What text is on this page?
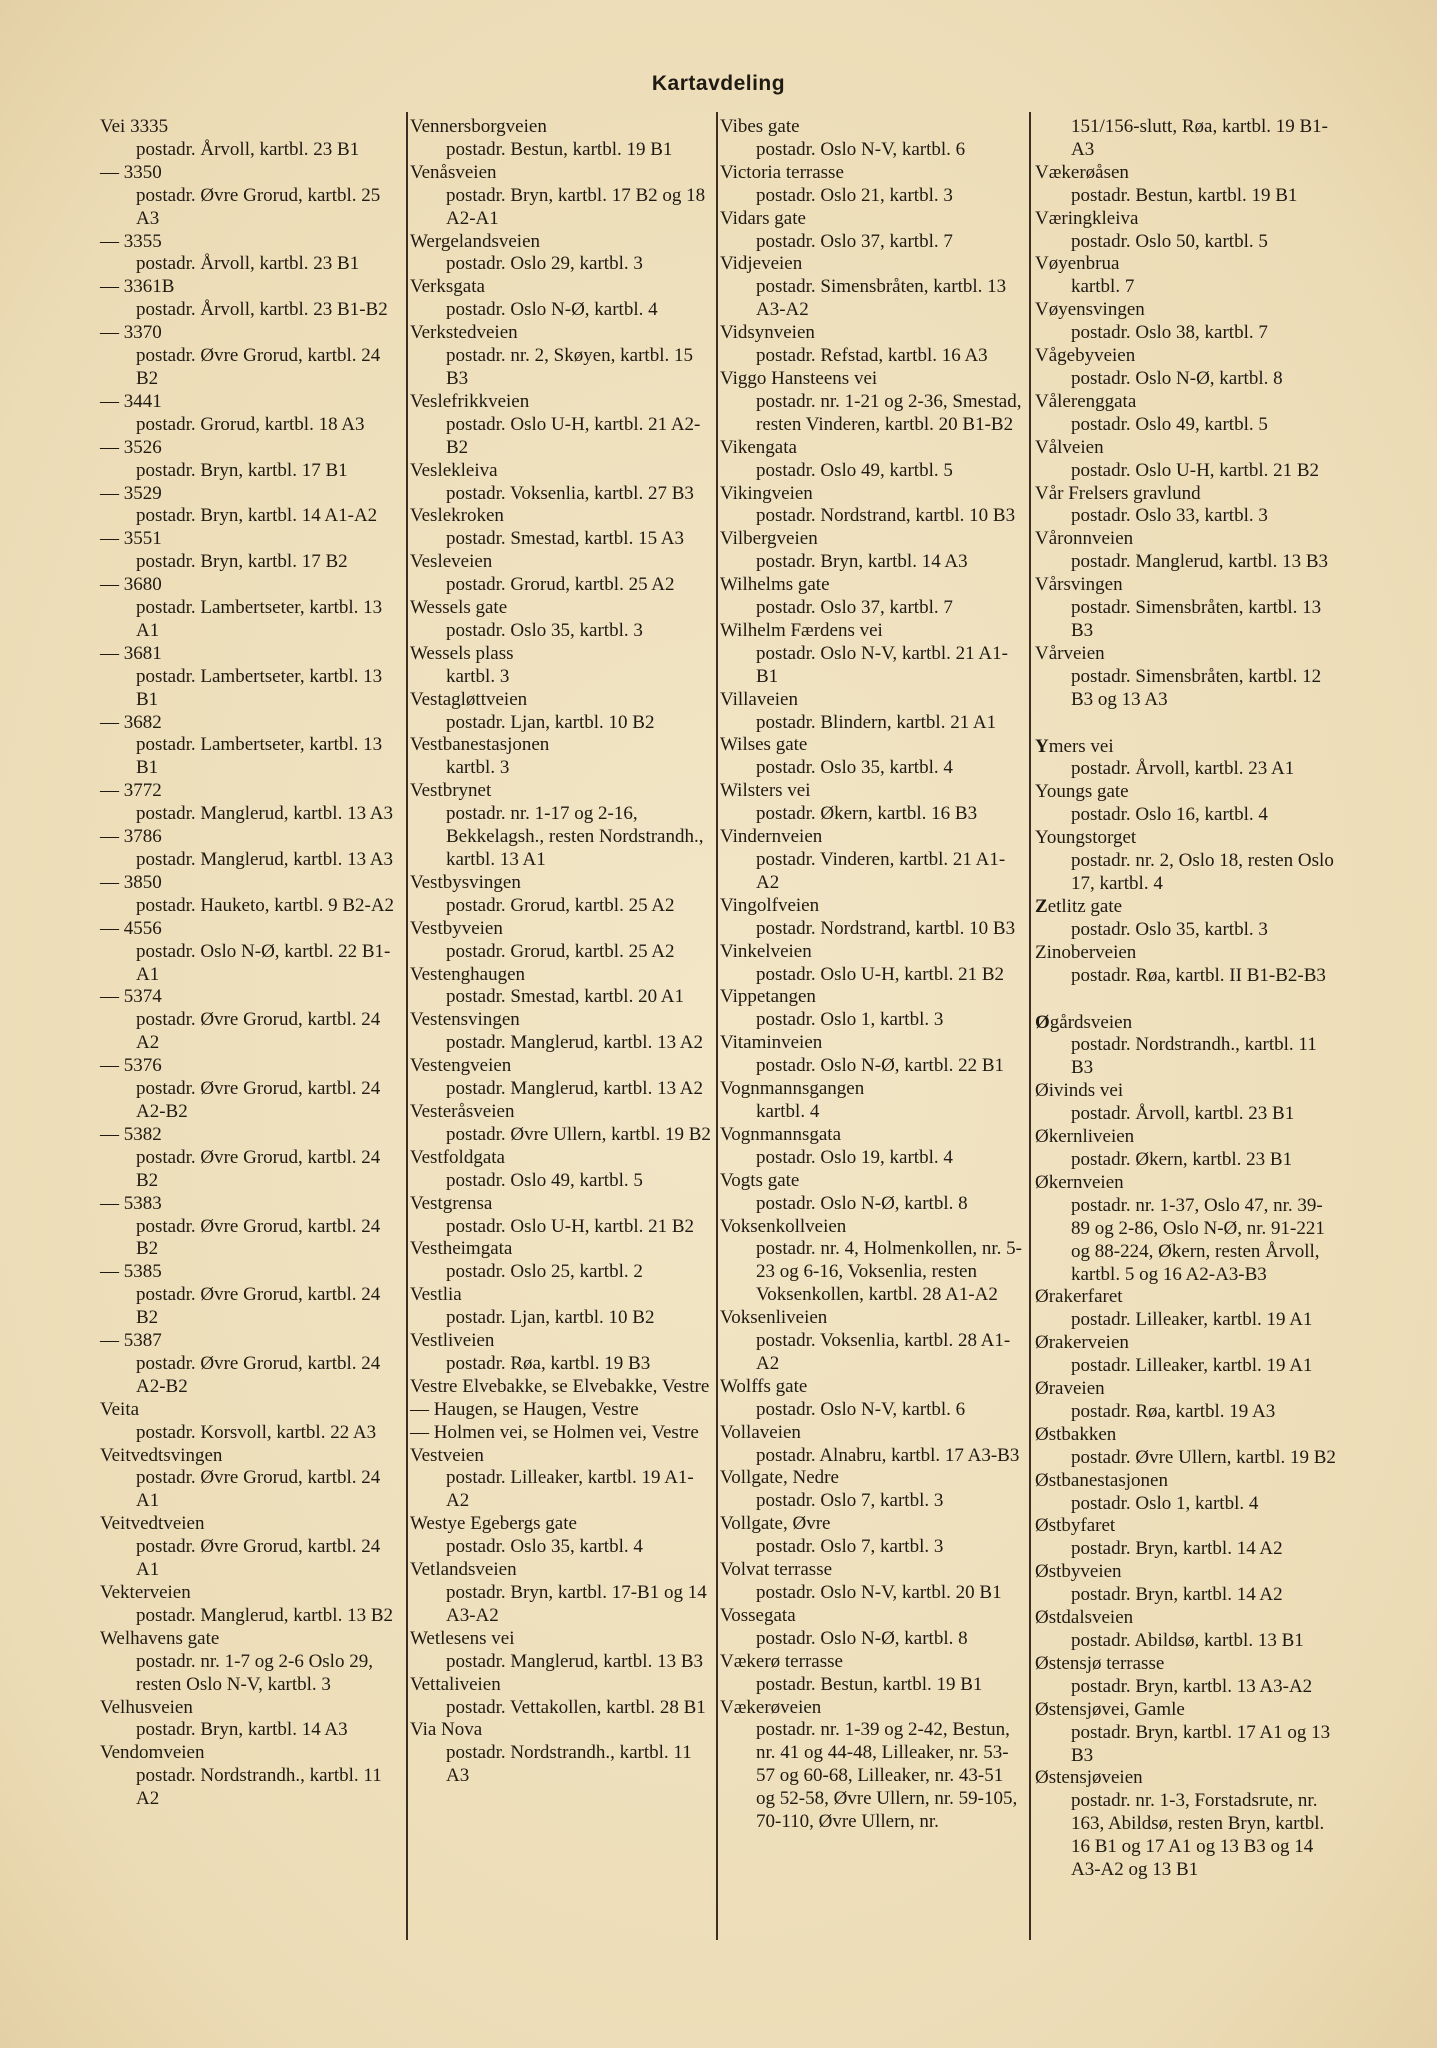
Kartavdeling
Vei 3335
postadr. Årvoll, kartbl. 23 B1
— 3350
postadr. Øvre Grorud, kartbl. 25 A3
— 3355
postadr. Årvoll, kartbl. 23 B1
— 3361B
postadr. Årvoll, kartbl. 23 B1-B2
— 3370
postadr. Øvre Grorud, kartbl. 24 B2
— 3441
postadr. Grorud, kartbl. 18 A3
— 3526
postadr. Bryn, kartbl. 17 B1
— 3529
postadr. Bryn, kartbl. 14 A1-A2
— 3551
postadr. Bryn, kartbl. 17 B2
— 3680
postadr. Lambertseter, kartbl. 13 A1
— 3681
postadr. Lambertseter, kartbl. 13 B1
— 3682
postadr. Lambertseter, kartbl. 13 B1
— 3772
postadr. Manglerud, kartbl. 13 A3
— 3786
postadr. Manglerud, kartbl. 13 A3
— 3850
postadr. Hauketo, kartbl. 9 B2-A2
— 4556
postadr. Oslo N-Ø, kartbl. 22 B1-A1
— 5374
postadr. Øvre Grorud, kartbl. 24 A2
— 5376
postadr. Øvre Grorud, kartbl. 24 A2-B2
— 5382
postadr. Øvre Grorud, kartbl. 24 B2
— 5383
postadr. Øvre Grorud, kartbl. 24 B2
— 5385
postadr. Øvre Grorud, kartbl. 24 B2
— 5387
postadr. Øvre Grorud, kartbl. 24 A2-B2
Veita
postadr. Korsvoll, kartbl. 22 A3
Veitvedtsvingen
postadr. Øvre Grorud, kartbl. 24 A1
Veitvedtveien
postadr. Øvre Grorud, kartbl. 24 A1
Vekterveien
postadr. Manglerud, kartbl. 13 B2
Welhavens gate
postadr. nr. 1-7 og 2-6 Oslo 29, resten Oslo N-V, kartbl. 3
Velhusveien
postadr. Bryn, kartbl. 14 A3
Vendomveien
postadr. Nordstrandh., kartbl. 11 A2
Vennersborgveien
postadr. Bestun, kartbl. 19 B1
Venåsveien
postadr. Bryn, kartbl. 17 B2 og 18 A2-A1
Wergelandsveien
postadr. Oslo 29, kartbl. 3
Verksgata
postadr. Oslo N-Ø, kartbl. 4
Verkstedveien
postadr. nr. 2, Skøyen, kartbl. 15 B3
Veslefrikkveien
postadr. Oslo U-H, kartbl. 21 A2-B2
Veslekleiva
postadr. Voksenlia, kartbl. 27 B3
Veslekroken
postadr. Smestad, kartbl. 15 A3
Vesleveien
postadr. Grorud, kartbl. 25 A2
Wessels gate
postadr. Oslo 35, kartbl. 3
Wessels plass
kartbl. 3
Vestagløttveien
postadr. Ljan, kartbl. 10 B2
Vestbanestasjonen
kartbl. 3
Vestbrynet
postadr. nr. 1-17 og 2-16, Bekkelagsh., resten Nordstrandh., kartbl. 13 A1
Vestbysvingen
postadr. Grorud, kartbl. 25 A2
Vestbyveien
postadr. Grorud, kartbl. 25 A2
Vestenghaugen
postadr. Smestad, kartbl. 20 A1
Vestensvingen
postadr. Manglerud, kartbl. 13 A2
Vestengveien
postadr. Manglerud, kartbl. 13 A2
Vesteråsveien
postadr. Øvre Ullern, kartbl. 19 B2
Vestfoldgata
postadr. Oslo 49, kartbl. 5
Vestgrensa
postadr. Oslo U-H, kartbl. 21 B2
Vestheimgata
postadr. Oslo 25, kartbl. 2
Vestlia
postadr. Ljan, kartbl. 10 B2
Vestliveien
postadr. Røa, kartbl. 19 B3
Vestre Elvebakke, se Elvebakke, Vestre
— Haugen, se Haugen, Vestre
— Holmen vei, se Holmen vei, Vestre
Vestveien
postadr. Lilleaker, kartbl. 19 A1-A2
Westye Egebergs gate
postadr. Oslo 35, kartbl. 4
Vetlandsveien
postadr. Bryn, kartbl. 17-B1 og 14 A3-A2
Wetlesens vei
postadr. Manglerud, kartbl. 13 B3
Vettaliveien
postadr. Vettakollen, kartbl. 28 B1
Via Nova
postadr. Nordstrandh., kartbl. 11 A3
Vibes gate
postadr. Oslo N-V, kartbl. 6
Victoria terrasse
postadr. Oslo 21, kartbl. 3
Vidars gate
postadr. Oslo 37, kartbl. 7
Vidjeveien
postadr. Simensbråten, kartbl. 13 A3-A2
Vidsynveien
postadr. Refstad, kartbl. 16 A3
Viggo Hansteens vei
postadr. nr. 1-21 og 2-36, Smestad, resten Vinderen, kartbl. 20 B1-B2
Vikengata
postadr. Oslo 49, kartbl. 5
Vikingveien
postadr. Nordstrand, kartbl. 10 B3
Vilbergveien
postadr. Bryn, kartbl. 14 A3
Wilhelms gate
postadr. Oslo 37, kartbl. 7
Wilhelm Færdens vei
postadr. Oslo N-V, kartbl. 21 A1-B1
Villaveien
postadr. Blindern, kartbl. 21 A1
Wilses gate
postadr. Oslo 35, kartbl. 4
Wilsters vei
postadr. Økern, kartbl. 16 B3
Vindernveien
postadr. Vinderen, kartbl. 21 A1-A2
Vingolfveien
postadr. Nordstrand, kartbl. 10 B3
Vinkelveien
postadr. Oslo U-H, kartbl. 21 B2
Vippetangen
postadr. Oslo 1, kartbl. 3
Vitaminveien
postadr. Oslo N-Ø, kartbl. 22 B1
Vognmannsgangen
kartbl. 4
Vognmannsgata
postadr. Oslo 19, kartbl. 4
Vogts gate
postadr. Oslo N-Ø, kartbl. 8
Voksenkollveien
postadr. nr. 4, Holmenkollen, nr. 5-23 og 6-16, Voksenlia, resten Voksenkollen, kartbl. 28 A1-A2
Voksenliveien
postadr. Voksenlia, kartbl. 28 A1-A2
Wolffs gate
postadr. Oslo N-V, kartbl. 6
Vollaveien
postadr. Alnabru, kartbl. 17 A3-B3
Vollgate, Nedre
postadr. Oslo 7, kartbl. 3
Vollgate, Øvre
postadr. Oslo 7, kartbl. 3
Volvat terrasse
postadr. Oslo N-V, kartbl. 20 B1
Vossegata
postadr. Oslo N-Ø, kartbl. 8
Vækerø terrasse
postadr. Bestun, kartbl. 19 B1
Vækerøveien
postadr. nr. 1-39 og 2-42, Bestun, nr. 41 og 44-48, Lilleaker, nr. 53-57 og 60-68, Lilleaker, nr. 43-51 og 52-58, Øvre Ullern, nr. 59-105, 70-110, Øvre Ullern, nr.
151/156-slutt, Røa, kartbl. 19 B1-A3
Vækerøåsen
postadr. Bestun, kartbl. 19 B1
Væringkleiva
postadr. Oslo 50, kartbl. 5
Vøyenbrua
kartbl. 7
Vøyensvingen
postadr. Oslo 38, kartbl. 7
Vågebyveien
postadr. Oslo N-Ø, kartbl. 8
Vålerenggata
postadr. Oslo 49, kartbl. 5
Vålveien
postadr. Oslo U-H, kartbl. 21 B2
Vår Frelsers gravlund
postadr. Oslo 33, kartbl. 3
Våronnveien
postadr. Manglerud, kartbl. 13 B3
Vårsvingen
postadr. Simensbråten, kartbl. 13 B3
Vårveien
postadr. Simensbråten, kartbl. 12 B3 og 13 A3
Ymers vei
postadr. Årvoll, kartbl. 23 A1
Youngs gate
postadr. Oslo 16, kartbl. 4
Youngstorget
postadr. nr. 2, Oslo 18, resten Oslo 17, kartbl. 4
Zetlitz gate
postadr. Oslo 35, kartbl. 3
Zinoberveien
postadr. Røa, kartbl. II B1-B2-B3
Øgårdsveien
postadr. Nordstrandh., kartbl. 11 B3
Øivinds vei
postadr. Årvoll, kartbl. 23 B1
Økernliveien
postadr. Økern, kartbl. 23 B1
Økernveien
postadr. nr. 1-37, Oslo 47, nr. 39-89 og 2-86, Oslo N-Ø, nr. 91-221 og 88-224, Økern, resten Årvoll, kartbl. 5 og 16 A2-A3-B3
Ørakerfaret
postadr. Lilleaker, kartbl. 19 A1
Ørakerveien
postadr. Lilleaker, kartbl. 19 A1
Øraveien
postadr. Røa, kartbl. 19 A3
Østbakken
postadr. Øvre Ullern, kartbl. 19 B2
Østbanestasjonen
postadr. Oslo 1, kartbl. 4
Østbyfaret
postadr. Bryn, kartbl. 14 A2
Østbyveien
postadr. Bryn, kartbl. 14 A2
Østdalsveien
postadr. Abildsø, kartbl. 13 B1
Østensjø terrasse
postadr. Bryn, kartbl. 13 A3-A2
Østensjøvei, Gamle
postadr. Bryn, kartbl. 17 A1 og 13 B3
Østensjøveien
postadr. nr. 1-3, Forstadsrute, nr. 163, Abildsø, resten Bryn, kartbl. 16 B1 og 17 A1 og 13 B3 og 14 A3-A2 og 13 B1
